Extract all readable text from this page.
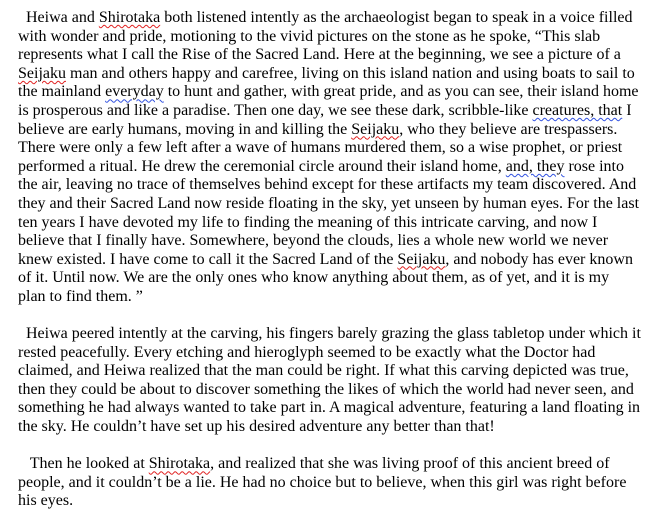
Heiwa and Shirotaka both listened intently as the archaeologist began to speak in a voice filled
with wonder and pride, motioning to the vivid pictures on the stone as he spoke, “This slab
represents what I call the Rise of the Sacred Land. Here at the beginning, we see a picture of a
Seijaku man and others happy and carefree, living on this island nation and using boats to sail to
the mainland everyday to hunt and gather, with great pride, and as you can see, their island home
is prosperous and like a paradise. Then one day, we see these dark, scribble-like creatures, that I
believe are early humans, moving in and killing the Seijaku, who they believe are trespassers.
There were only a few left after a wave of humans murdered them, so a wise prophet, or priest
performed a ritual. He drew the ceremonial circle around their island home, and, they rose into
the air, leaving no trace of themselves behind except for these artifacts my team discovered. And
they and their Sacred Land now reside floating in the sky, yet unseen by human eyes. For the last
ten years I have devoted my life to finding the meaning of this intricate carving, and now I
believe that I finally have. Somewhere, beyond the clouds, lies a whole new world we never
knew existed. I have come to call it the Sacred Land of the Seijaku, and nobody has ever known
of it. Until now. We are the only ones who know anything about them, as of yet, and it is my
plan to find them. ”

Heiwa peered intently at the carving, his fingers barely grazing the glass tabletop under which it
rested peacefully. Every etching and hieroglyph seemed to be exactly what the Doctor had
claimed, and Heiwa realized that the man could be right. If what this carving depicted was true,
then they could be about to discover something the likes of which the world had never seen, and
something he had always wanted to take part in. A magical adventure, featuring a land floating in
the sky. He couldn’t have set up his desired adventure any better than that!

Then he looked at Shirotaka, and realized that she was living proof of this ancient breed of
people, and it couldn’t be a lie. He had no choice but to believe, when this girl was right before
his eyes.
